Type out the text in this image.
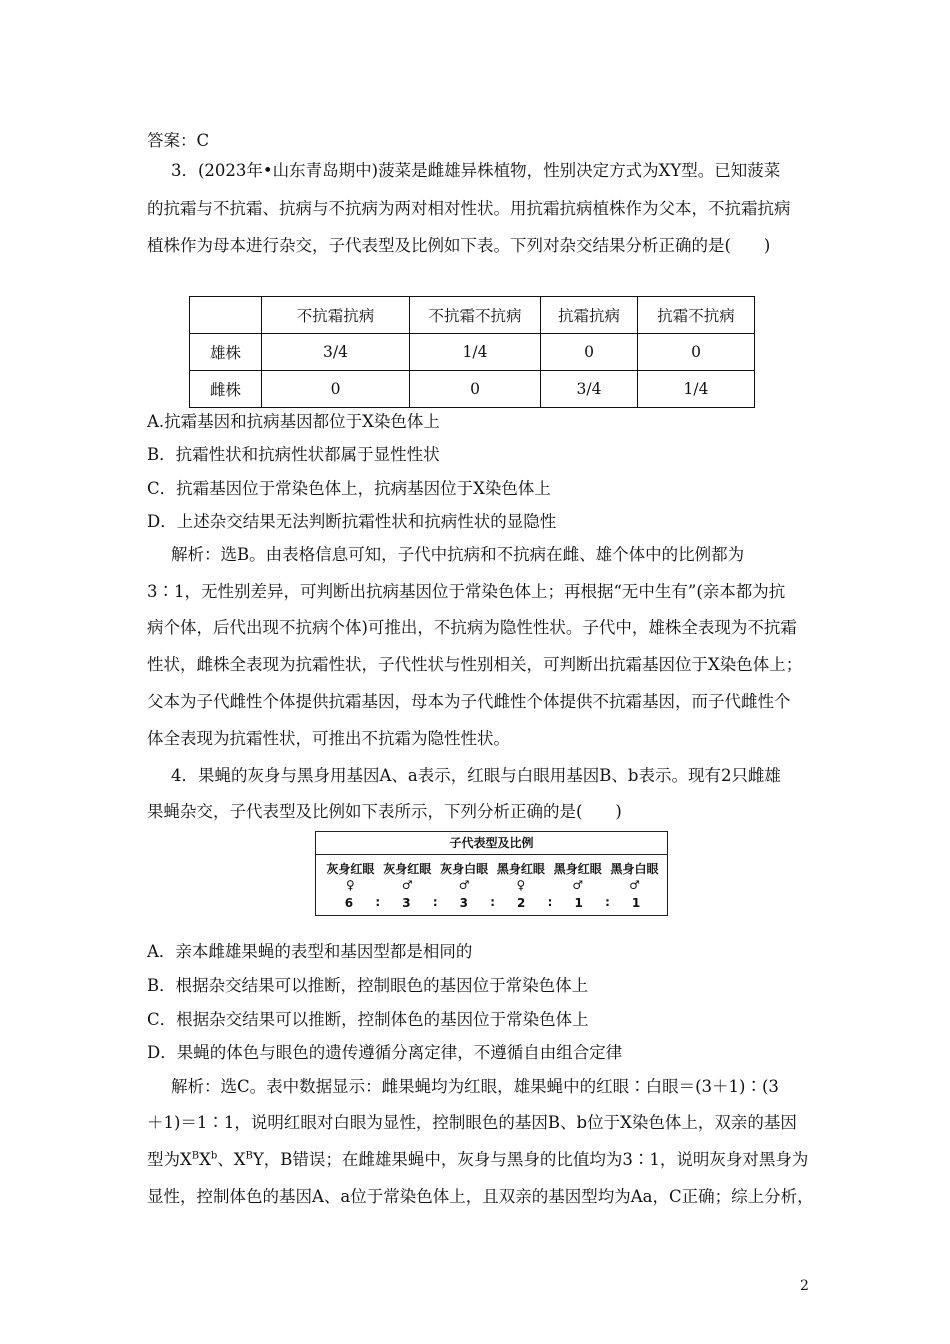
答案：C
3．(2023年•山东青岛期中)菠菜是雌雄异株植物，性别决定方式为XY型。已知菠菜
的抗霜与不抗霜、抗病与不抗病为两对相对性状。用抗霜抗病植株作为父本，不抗霜抗病
植株作为母本进行杂交，子代表型及比例如下表。下列对杂交结果分析正确的是(　　)
	不抗霜抗病	不抗霜不抗病	抗霜抗病	抗霜不抗病
雄株	3/4	1/4	0	0
雌株	0	0	3/4	1/4
A.抗霜基因和抗病基因都位于X染色体上
B．抗霜性状和抗病性状都属于显性性状
C．抗霜基因位于常染色体上，抗病基因位于X染色体上
D．上述杂交结果无法判断抗霜性状和抗病性状的显隐性
解析：选B。由表格信息可知，子代中抗病和不抗病在雌、雄个体中的比例都为
3∶1，无性别差异，可判断出抗病基因位于常染色体上；再根据“无中生有”(亲本都为抗
病个体，后代出现不抗病个体)可推出，不抗病为隐性性状。子代中，雄株全表现为不抗霜
性状，雌株全表现为抗霜性状，子代性状与性别相关，可判断出抗霜基因位于X染色体上；
父本为子代雌性个体提供抗霜基因，母本为子代雌性个体提供不抗霜基因，而子代雌性个
体全表现为抗霜性状，可推出不抗霜为隐性性状。
4．果蝇的灰身与黑身用基因A、a表示，红眼与白眼用基因B、b表示。现有2只雌雄
果蝇杂交，子代表型及比例如下表所示，下列分析正确的是(　　)
子代表型及比例
灰身红眼 灰身红眼 灰身白眼 黑身红眼 黑身红眼 黑身白眼
♀	♂	♂	♀	♂	♂
6	∶	3	∶	3	∶	2	∶	1	∶	1
A．亲本雌雄果蝇的表型和基因型都是相同的
B．根据杂交结果可以推断，控制眼色的基因位于常染色体上
C．根据杂交结果可以推断，控制体色的基因位于常染色体上
D．果蝇的体色与眼色的遗传遵循分离定律，不遵循自由组合定律
解析：选C。表中数据显示：雌果蝇均为红眼，雄果蝇中的红眼∶白眼＝(3＋1)∶(3
＋1)＝1∶1，说明红眼对白眼为显性，控制眼色的基因B、b位于X染色体上，双亲的基因
型为$X^BX^b$、$X^BY$，B错误；在雌雄果蝇中，灰身与黑身的比值均为3∶1，说明灰身对黑身为
显性，控制体色的基因A、a位于常染色体上，且双亲的基因型均为Aa，C正确；综上分析，
2
